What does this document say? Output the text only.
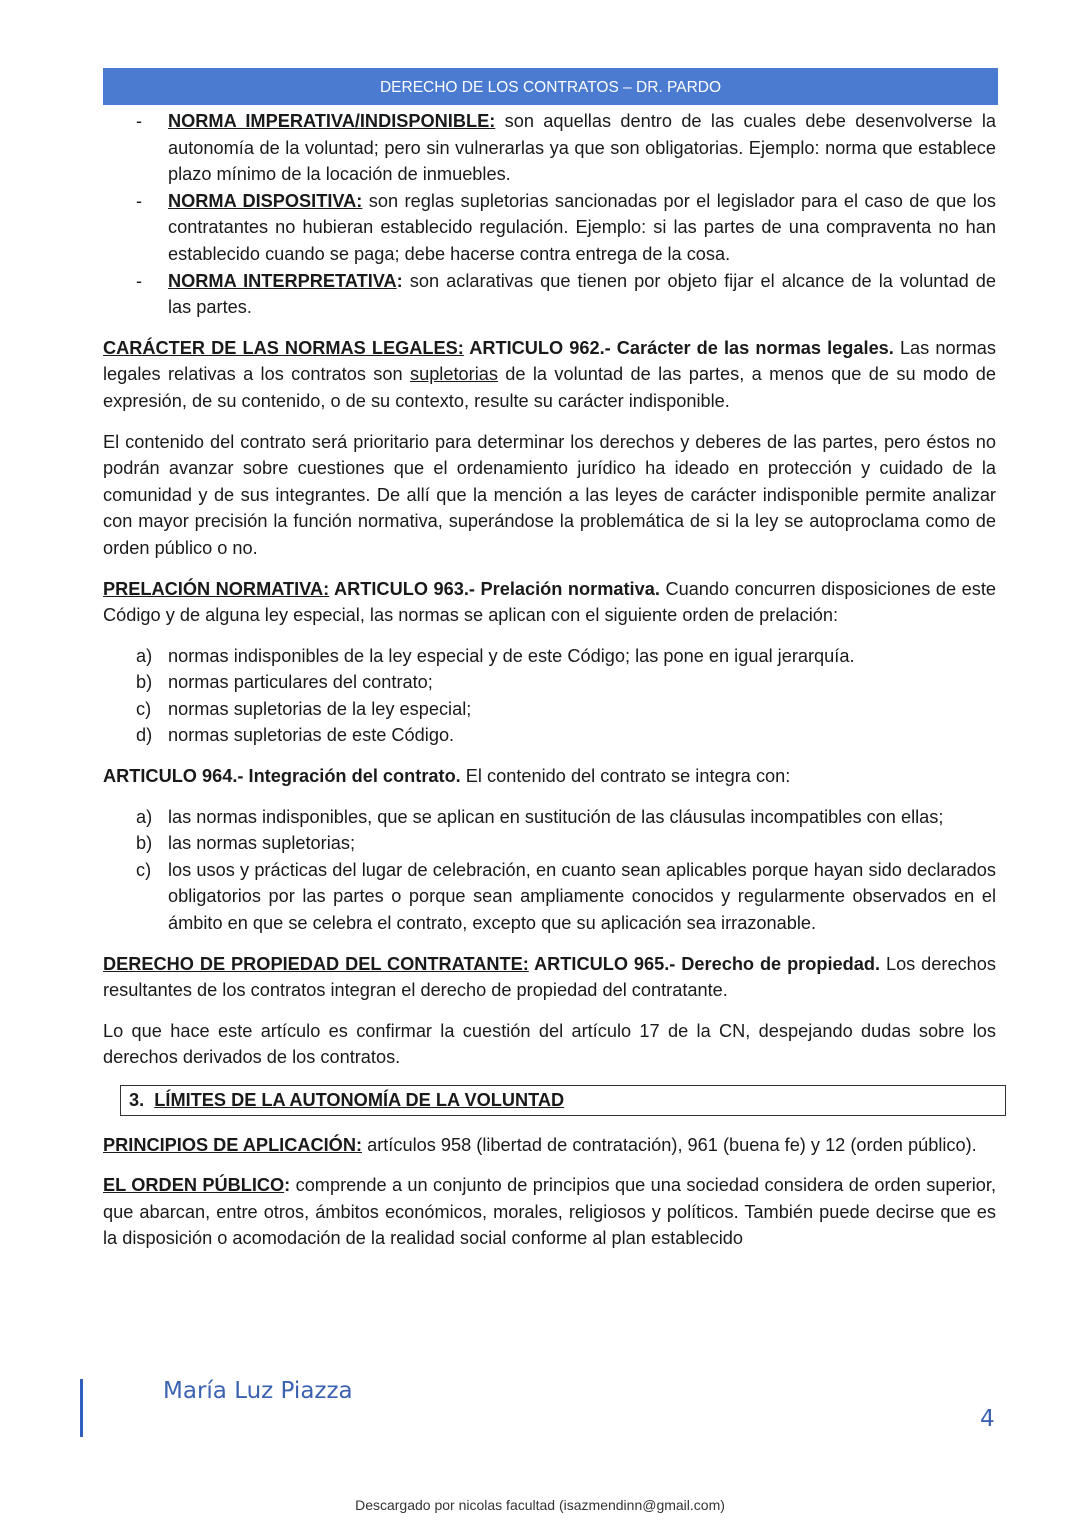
DERECHO DE LOS CONTRATOS – DR. PARDO
- NORMA IMPERATIVA/INDISPONIBLE: son aquellas dentro de las cuales debe desenvolverse la autonomía de la voluntad; pero sin vulnerarlas ya que son obligatorias. Ejemplo: norma que establece plazo mínimo de la locación de inmuebles.
- NORMA DISPOSITIVA: son reglas supletorias sancionadas por el legislador para el caso de que los contratantes no hubieran establecido regulación. Ejemplo: si las partes de una compraventa no han establecido cuando se paga; debe hacerse contra entrega de la cosa.
- NORMA INTERPRETATIVA: son aclarativas que tienen por objeto fijar el alcance de la voluntad de las partes.

CARÁCTER DE LAS NORMAS LEGALES: ARTICULO 962.- Carácter de las normas legales. Las normas legales relativas a los contratos son supletorias de la voluntad de las partes, a menos que de su modo de expresión, de su contenido, o de su contexto, resulte su carácter indisponible.

El contenido del contrato será prioritario para determinar los derechos y deberes de las partes, pero éstos no podrán avanzar sobre cuestiones que el ordenamiento jurídico ha ideado en protección y cuidado de la comunidad y de sus integrantes. De allí que la mención a las leyes de carácter indisponible permite analizar con mayor precisión la función normativa, superándose la problemática de si la ley se autoproclama como de orden público o no.

PRELACIÓN NORMATIVA: ARTICULO 963.- Prelación normativa. Cuando concurren disposiciones de este Código y de alguna ley especial, las normas se aplican con el siguiente orden de prelación:

a) normas indisponibles de la ley especial y de este Código; las pone en igual jerarquía.
b) normas particulares del contrato;
c) normas supletorias de la ley especial;
d) normas supletorias de este Código.

ARTICULO 964.- Integración del contrato. El contenido del contrato se integra con:

a) las normas indisponibles, que se aplican en sustitución de las cláusulas incompatibles con ellas;
b) las normas supletorias;
c) los usos y prácticas del lugar de celebración, en cuanto sean aplicables porque hayan sido declarados obligatorios por las partes o porque sean ampliamente conocidos y regularmente observados en el ámbito en que se celebra el contrato, excepto que su aplicación sea irrazonable.

DERECHO DE PROPIEDAD DEL CONTRATANTE: ARTICULO 965.- Derecho de propiedad. Los derechos resultantes de los contratos integran el derecho de propiedad del contratante.

Lo que hace este artículo es confirmar la cuestión del artículo 17 de la CN, despejando dudas sobre los derechos derivados de los contratos.

3. LÍMITES DE LA AUTONOMÍA DE LA VOLUNTAD

PRINCIPIOS DE APLICACIÓN: artículos 958 (libertad de contratación), 961 (buena fe) y 12 (orden público).

EL ORDEN PÚBLICO: comprende a un conjunto de principios que una sociedad considera de orden superior, que abarcan, entre otros, ámbitos económicos, morales, religiosos y políticos. También puede decirse que es la disposición o acomodación de la realidad social conforme al plan establecido

María Luz Piazza
4
Descargado por nicolas facultad (isazmendinn@gmail.com)
